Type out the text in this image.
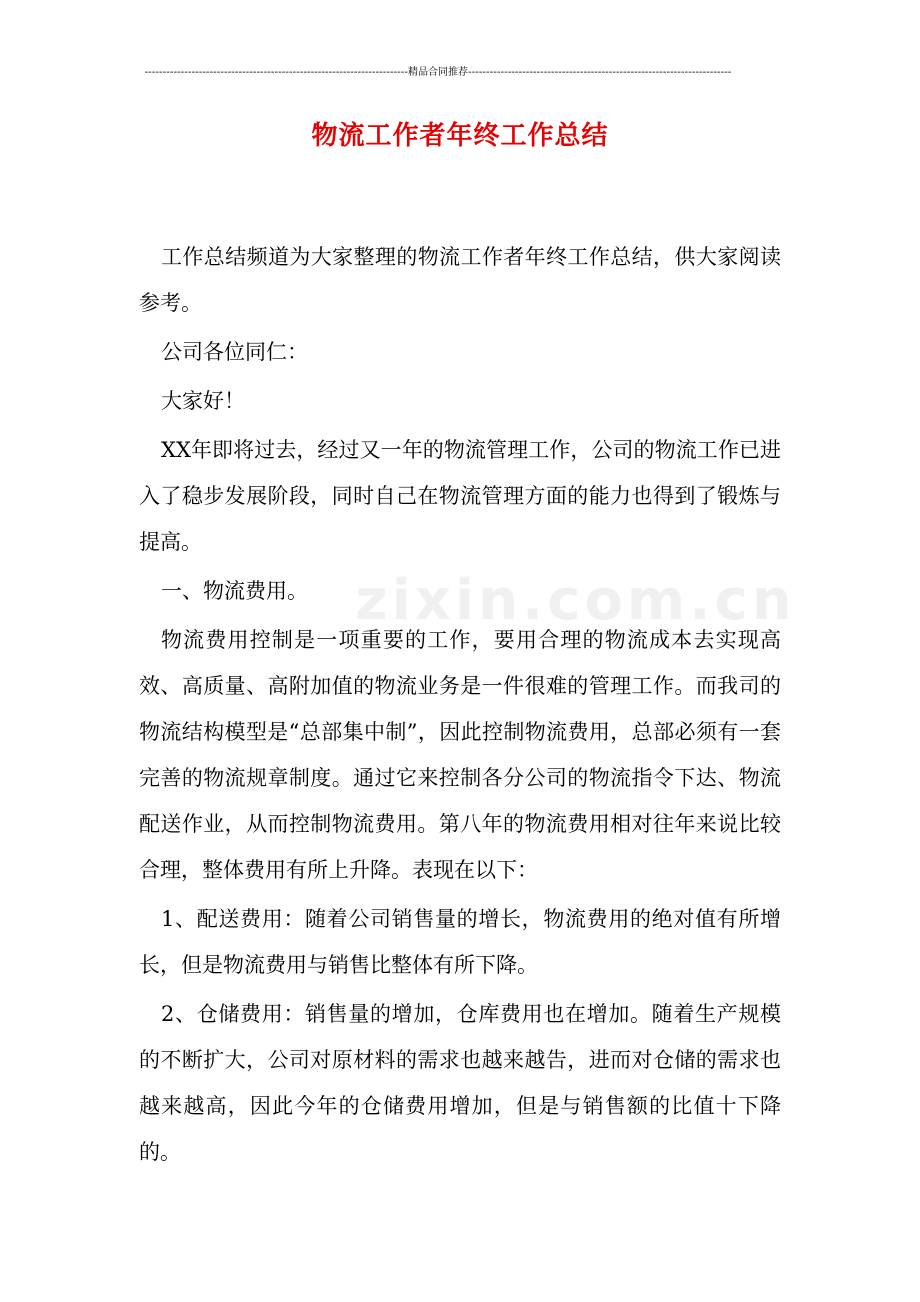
-------------------------------------------------------------------------精品合同推荐-------------------------------------------------------------------------
物流工作者年终工作总结
zixin.com.cn

工作总结频道为大家整理的物流工作者年终工作总结，供大家阅读参考。

公司各位同仁：

大家好！

XX年即将过去，经过又一年的物流管理工作，公司的物流工作已进入了稳步发展阶段，同时自己在物流管理方面的能力也得到了锻炼与提高。

一、物流费用。

物流费用控制是一项重要的工作，要用合理的物流成本去实现高效、高质量、高附加值的物流业务是一件很难的管理工作。而我司的物流结构模型是“总部集中制”，因此控制物流费用，总部必须有一套完善的物流规章制度。通过它来控制各分公司的物流指令下达、物流配送作业，从而控制物流费用。第八年的物流费用相对往年来说比较合理，整体费用有所上升降。表现在以下：

1、配送费用：随着公司销售量的增长，物流费用的绝对值有所增长，但是物流费用与销售比整体有所下降。

2、仓储费用：销售量的增加，仓库费用也在增加。随着生产规模的不断扩大，公司对原材料的需求也越来越告，进而对仓储的需求也越来越高，因此今年的仓储费用增加，但是与销售额的比值十下降的。
